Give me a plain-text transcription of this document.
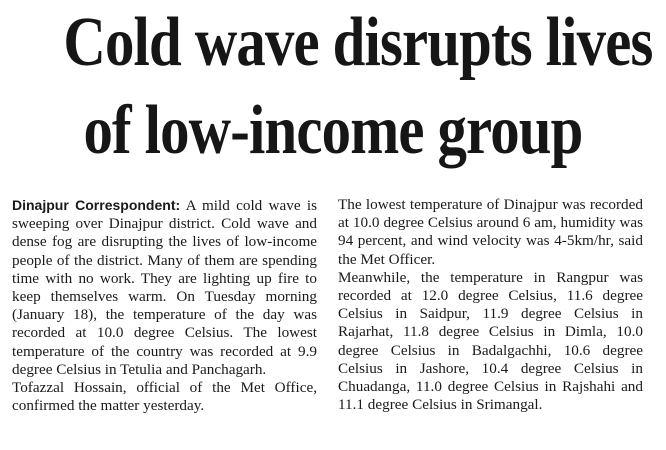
Cold wave disrupts lives
of low-income group

Dinajpur Correspondent: A mild cold wave is sweeping over Dinajpur district. Cold wave and dense fog are disrupting the lives of low-income people of the district. Many of them are spending time with no work. They are lighting up fire to keep themselves warm. On Tuesday morning (January 18), the temperature of the day was recorded at 10.0 degree Celsius. The lowest temperature of the country was recorded at 9.9 degree Celsius in Tetulia and Panchagarh.

Tofazzal Hossain, official of the Met Office, confirmed the matter yesterday.

The lowest temperature of Dinajpur was recorded at 10.0 degree Celsius around 6 am, humidity was 94 percent, and wind velocity was 4-5km/hr, said the Met Officer.

Meanwhile, the temperature in Rangpur was recorded at 12.0 degree Celsius, 11.6 degree Celsius in Saidpur, 11.9 degree Celsius in Rajarhat, 11.8 degree Celsius in Dimla, 10.0 degree Celsius in Badalgachhi, 10.6 degree Celsius in Jashore, 10.4 degree Celsius in Chuadanga, 11.0 degree Celsius in Rajshahi and 11.1 degree Celsius in Srimangal.
